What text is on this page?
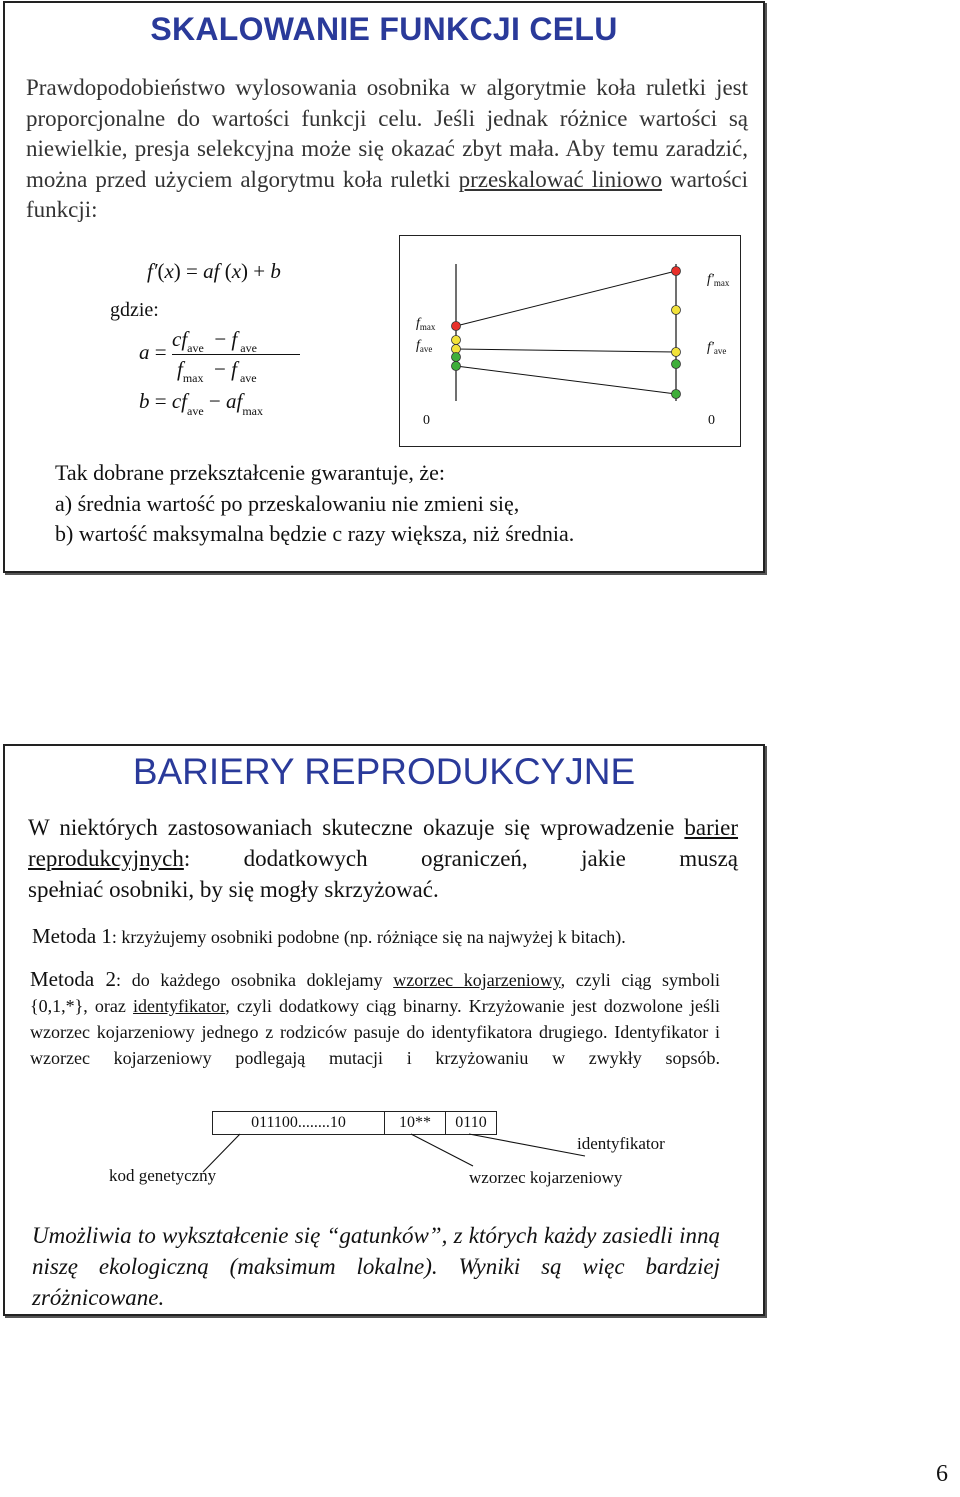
SKALOWANIE FUNKCJI CELU
Prawdopodobieństwo wylosowania osobnika w algorytmie koła ruletki jest proporcjonalne do wartości funkcji celu. Jeśli jednak różnice wartości są niewielkie, presja selekcyjna może się okazać zbyt mała. Aby temu zaradzić, można przed użyciem algorytmu koła ruletki przeskalować liniowo wartości funkcji:
f′(x) = af (x) + b
gdzie:
a =
$cf_{ave} - f$ $_{ave}$
$f_{max} - f$ $_{ave}$
$b = cf_{ave} - af_{max}$
$f_{max}$
$f_{ave}$
0
$f'_{max}$
$f'_{ave}$
0
Tak dobrane przekształcenie gwarantuje, że:
a) średnia wartość po przeskalowaniu nie zmieni się,
b) wartość maksymalna będzie c razy większa, niż średnia.
BARIERY REPRODUKCYJNE
W niektórych zastosowaniach skuteczne okazuje się wprowadzenie barier reprodukcyjnych: dodatkowych ograniczeń, jakie muszą
spełniać osobniki, by się mogły skrzyżować.
Metoda 1: krzyżujemy osobniki podobne (np. różniące się na najwyżej k bitach).
Metoda 2: do każdego osobnika doklejamy wzorzec kojarzeniowy, czyli ciąg symboli {0,1,*}, oraz identyfikator, czyli dodatkowy ciąg binarny. Krzyżowanie jest dozwolone jeśli wzorzec kojarzeniowy jednego z rodziców pasuje do identyfikatora drugiego. Identyfikator i wzorzec kojarzeniowy podlegają mutacji i krzyżowaniu w zwykły sopsób.
011100........10	10**	0110
kod genetyczny	wzorzec kojarzeniowy
identyfikator
Umożliwia to wykształcenie się “gatunków”, z których każdy zasiedli inną niszę ekologiczną (maksimum lokalne). Wyniki są więc bardziej zróżnicowane.
6
